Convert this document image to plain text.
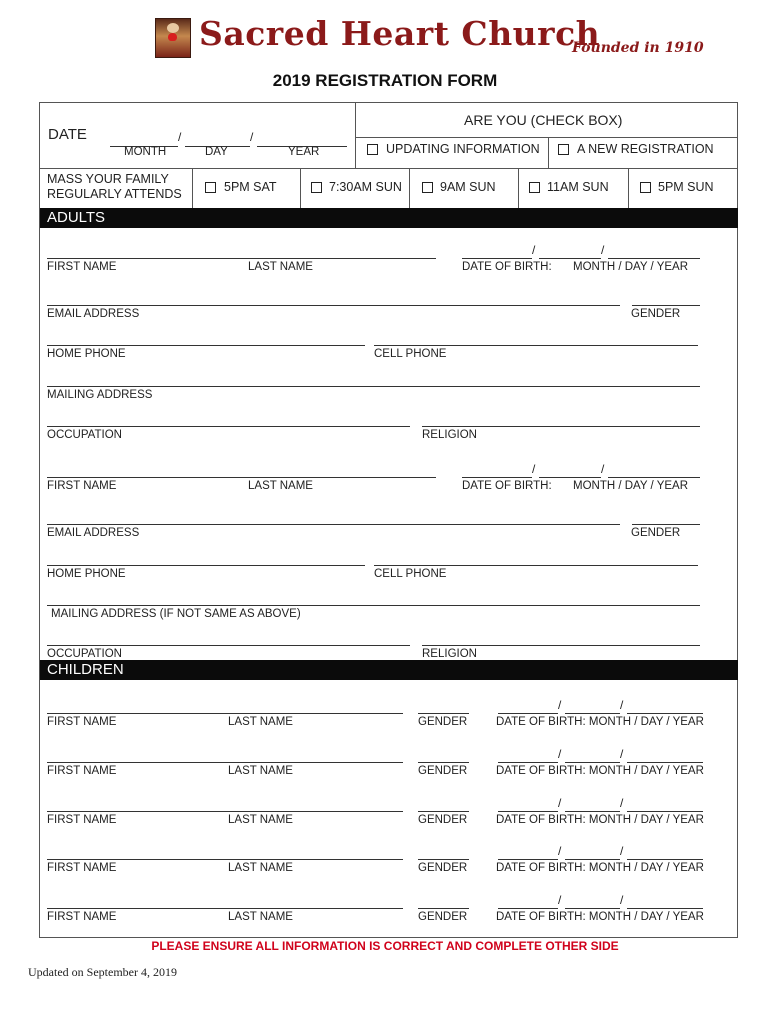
Sacred Heart Church
Founded in 1910
2019 REGISTRATION FORM
DATE	/	/
MONTH	DAY	YEAR
ARE YOU (CHECK BOX)
UPDATING INFORMATION	A NEW REGISTRATION
MASS YOUR FAMILY
REGULARLY ATTENDS	5PM SAT	7:30AM SUN	9AM SUN	11AM SUN	5PM SUN
ADULTS
FIRST NAME	LAST NAME
/	/
DATE OF BIRTH: MONTH / DAY / YEAR
EMAIL ADDRESS	GENDER
HOME PHONE	CELL PHONE
MAILING ADDRESS
OCCUPATION	RELIGION
FIRST NAME	LAST NAME
/	/
DATE OF BIRTH: MONTH / DAY / YEAR
EMAIL ADDRESS	GENDER
HOME PHONE	CELL PHONE
MAILING ADDRESS (IF NOT SAME AS ABOVE)
OCCUPATION	RELIGION
CHILDREN
FIRST NAME	LAST NAME	GENDER
/	/
DATE OF BIRTH: MONTH / DAY / YEAR
FIRST NAME	LAST NAME	GENDER
/	/
DATE OF BIRTH: MONTH / DAY / YEAR
FIRST NAME	LAST NAME	GENDER
/	/
DATE OF BIRTH: MONTH / DAY / YEAR
FIRST NAME	LAST NAME	GENDER
/	/
DATE OF BIRTH: MONTH / DAY / YEAR
FIRST NAME	LAST NAME	GENDER
/	/
DATE OF BIRTH: MONTH / DAY / YEAR
PLEASE ENSURE ALL INFORMATION IS CORRECT AND COMPLETE OTHER SIDE
Updated on September 4, 2019
